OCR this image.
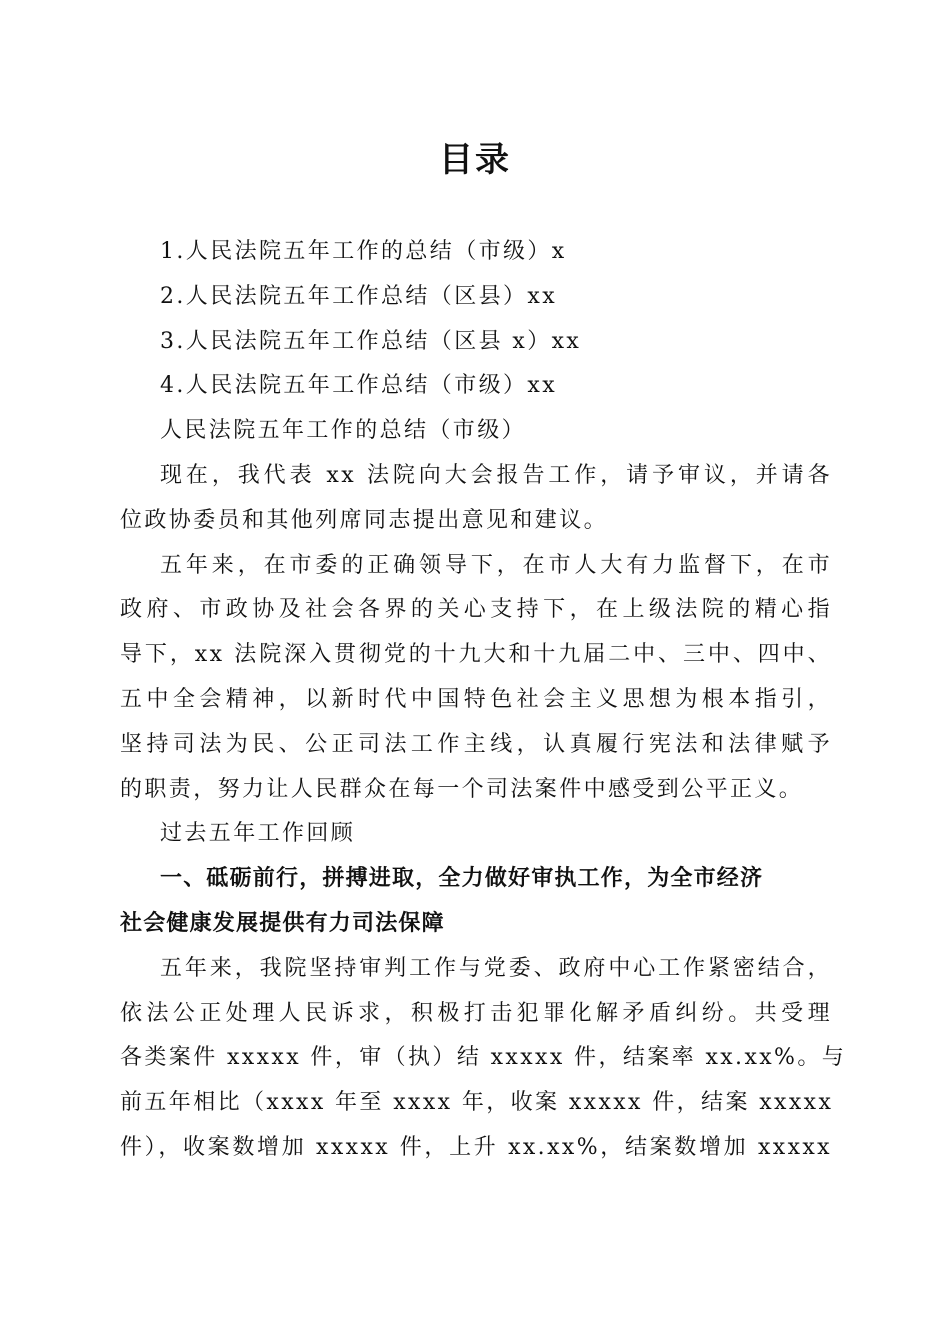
目录
1.人民法院五年工作的总结（市级）x
2.人民法院五年工作总结（区县）xx
3.人民法院五年工作总结（区县 x）xx
4.人民法院五年工作总结（市级）xx
人民法院五年工作的总结（市级）
现在，我代表 xx 法院向大会报告工作，请予审议，并请各
位政协委员和其他列席同志提出意见和建议。
五年来，在市委的正确领导下，在市人大有力监督下，在市
政府、市政协及社会各界的关心支持下，在上级法院的精心指
导下，xx 法院深入贯彻党的十九大和十九届二中、三中、四中、
五中全会精神，以新时代中国特色社会主义思想为根本指引，
坚持司法为民、公正司法工作主线，认真履行宪法和法律赋予
的职责，努力让人民群众在每一个司法案件中感受到公平正义。
过去五年工作回顾
一、砥砺前行，拼搏进取，全力做好审执工作，为全市经济
社会健康发展提供有力司法保障
五年来，我院坚持审判工作与党委、政府中心工作紧密结合，
依法公正处理人民诉求，积极打击犯罪化解矛盾纠纷。共受理
各类案件 xxxxx 件，审（执）结 xxxxx 件，结案率 xx.xx%。与
前五年相比（xxxx 年至 xxxx 年，收案 xxxxx 件，结案 xxxxx
件），收案数增加 xxxxx 件，上升 xx.xx%，结案数增加 xxxxx
